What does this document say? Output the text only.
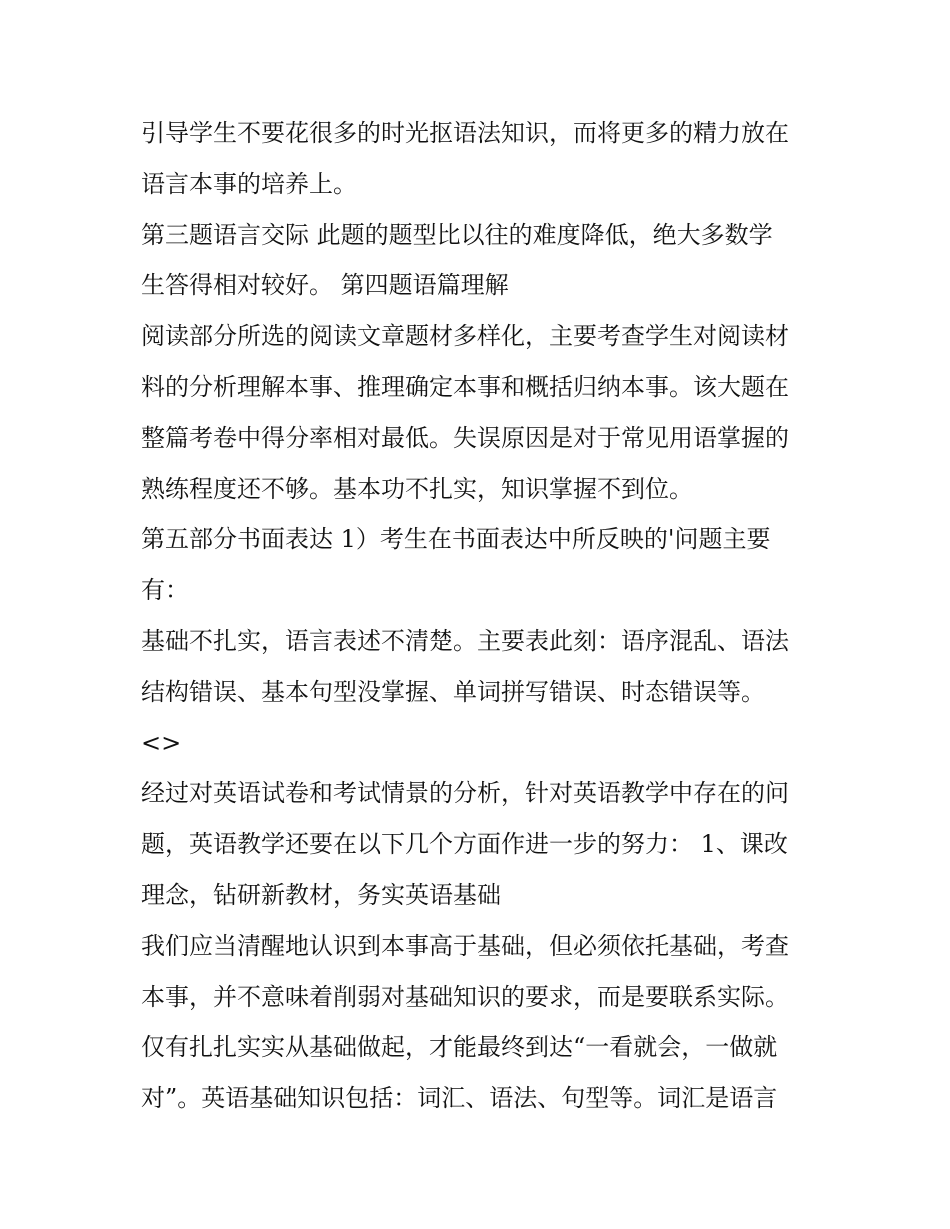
引导学生不要花很多的时光抠语法知识，而将更多的精力放在
语言本事的培养上。

第三题语言交际 此题的题型比以往的难度降低，绝大多数学
生答得相对较好。 第四题语篇理解

阅读部分所选的阅读文章题材多样化，主要考查学生对阅读材
料的分析理解本事、推理确定本事和概括归纳本事。该大题在
整篇考卷中得分率相对最低。失误原因是对于常见用语掌握的
熟练程度还不够。基本功不扎实，知识掌握不到位。

第五部分书面表达 1）考生在书面表达中所反映的'问题主要
有：

基础不扎实，语言表述不清楚。主要表此刻：语序混乱、语法
结构错误、基本句型没掌握、单词拼写错误、时态错误等。

<>

经过对英语试卷和考试情景的分析，针对英语教学中存在的问
题，英语教学还要在以下几个方面作进一步的努力： 1、课改
理念，钻研新教材，务实英语基础

我们应当清醒地认识到本事高于基础，但必须依托基础，考查
本事，并不意味着削弱对基础知识的要求，而是要联系实际。
仅有扎扎实实从基础做起，才能最终到达“一看就会，一做就
对”。英语基础知识包括：词汇、语法、句型等。词汇是语言
